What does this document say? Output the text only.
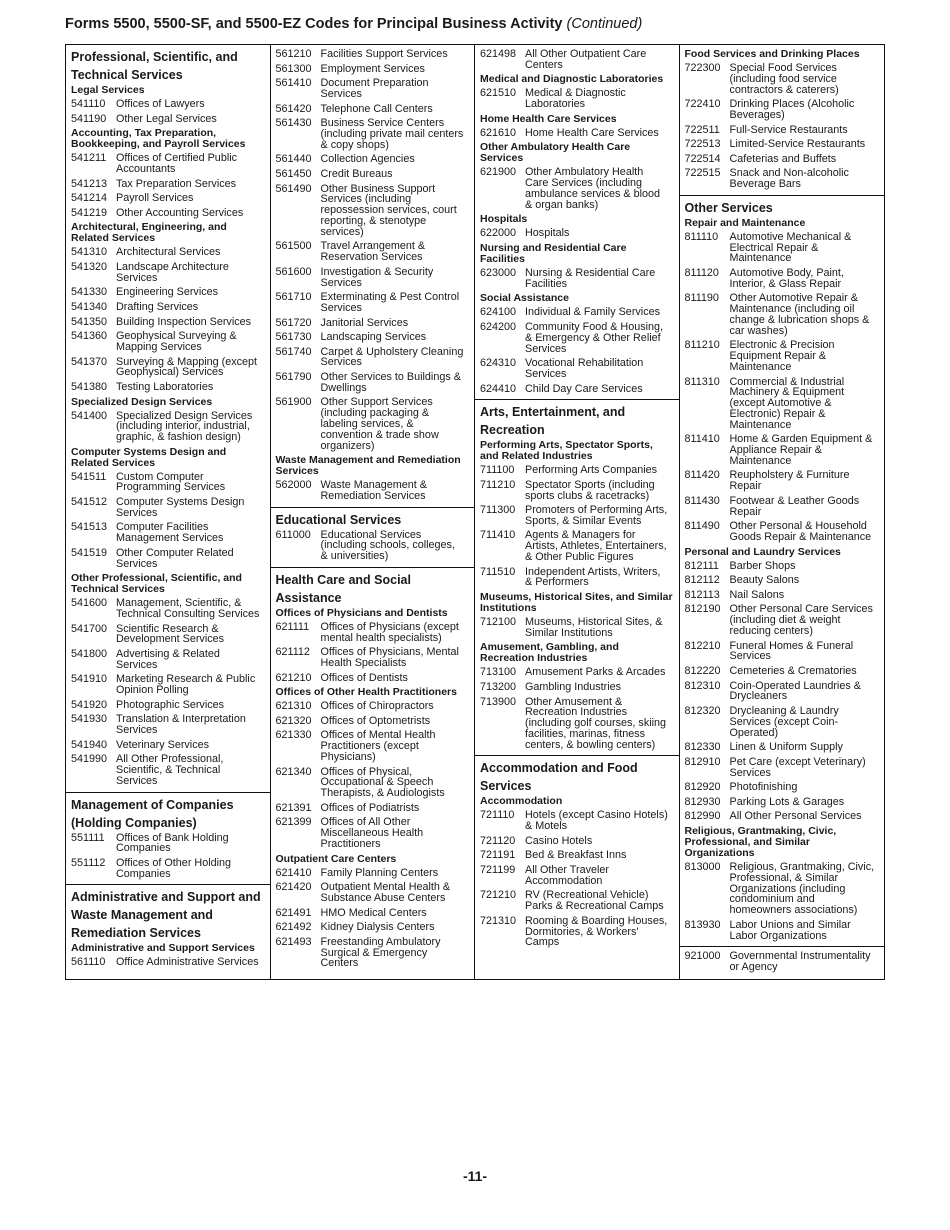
Forms 5500, 5500-SF, and 5500-EZ Codes for Principal Business Activity (Continued)
Professional, Scientific, and Technical Services
Legal Services
541110 Offices of Lawyers
541190 Other Legal Services
Accounting, Tax Preparation, Bookkeeping, and Payroll Services
541211 Offices of Certified Public Accountants
541213 Tax Preparation Services
541214 Payroll Services
541219 Other Accounting Services
Architectural, Engineering, and Related Services
541310 Architectural Services
541320 Landscape Architecture Services
541330 Engineering Services
541340 Drafting Services
541350 Building Inspection Services
541360 Geophysical Surveying & Mapping Services
541370 Surveying & Mapping (except Geophysical) Services
541380 Testing Laboratories
Specialized Design Services
541400 Specialized Design Services (including interior, industrial, graphic, & fashion design)
Computer Systems Design and Related Services
541511 Custom Computer Programming Services
541512 Computer Systems Design Services
541513 Computer Facilities Management Services
541519 Other Computer Related Services
Other Professional, Scientific, and Technical Services
541600 Management, Scientific, & Technical Consulting Services
541700 Scientific Research & Development Services
541800 Advertising & Related Services
541910 Marketing Research & Public Opinion Polling
541920 Photographic Services
541930 Translation & Interpretation Services
541940 Veterinary Services
541990 All Other Professional, Scientific, & Technical Services
Management of Companies (Holding Companies)
551111	Offices of Bank Holding Companies
551112 Offices of Other Holding Companies
Administrative and Support and Waste Management and Remediation Services
Administrative and Support Services
561110 Office Administrative Services
561210 Facilities Support Services
561300 Employment Services
561410 Document Preparation Services
561420 Telephone Call Centers
561430 Business Service Centers (including private mail centers & copy shops)
561440 Collection Agencies
561450 Credit Bureaus
561490 Other Business Support Services (including repossession services, court reporting, & stenotype services)
561500 Travel Arrangement & Reservation Services
561600 Investigation & Security Services
561710 Exterminating & Pest Control Services
561720 Janitorial Services
561730 Landscaping Services
561740 Carpet & Upholstery Cleaning Services
561790 Other Services to Buildings & Dwellings
561900 Other Support Services (including packaging & labeling services, & convention & trade show organizers)
Waste Management and Remediation Services
562000 Waste Management & Remediation Services
Educational Services
611000 Educational Services (including schools, colleges, & universities)
Health Care and Social Assistance
Offices of Physicians and Dentists
621111	Offices of Physicians (except mental health specialists)
621112 Offices of Physicians, Mental Health Specialists
621210 Offices of Dentists
Offices of Other Health Practitioners
621310 Offices of Chiropractors
621320 Offices of Optometrists
621330 Offices of Mental Health Practitioners (except Physicians)
621340 Offices of Physical, Occupational & Speech Therapists, & Audiologists
621391 Offices of Podiatrists
621399 Offices of All Other Miscellaneous Health Practitioners
Outpatient Care Centers
621410 Family Planning Centers
621420 Outpatient Mental Health & Substance Abuse Centers
621491 HMO Medical Centers
621492 Kidney Dialysis Centers
621493 Freestanding Ambulatory Surgical & Emergency Centers
621498 All Other Outpatient Care Centers
Medical and Diagnostic Laboratories
621510 Medical & Diagnostic Laboratories
Home Health Care Services
621610 Home Health Care Services
Other Ambulatory Health Care Services
621900 Other Ambulatory Health Care Services (including ambulance services & blood & organ banks)
Hospitals
622000 Hospitals
Nursing and Residential Care Facilities
623000 Nursing & Residential Care Facilities
Social Assistance
624100 Individual & Family Services
624200 Community Food & Housing, & Emergency & Other Relief Services
624310 Vocational Rehabilitation Services
624410 Child Day Care Services
Arts, Entertainment, and Recreation
Performing Arts, Spectator Sports, and Related Industries
711100 Performing Arts Companies
711210 Spectator Sports (including sports clubs & racetracks)
711300 Promoters of Performing Arts, Sports, & Similar Events
711410 Agents & Managers for Artists, Athletes, Entertainers, & Other Public Figures
711510 Independent Artists, Writers, & Performers
Museums, Historical Sites, and Similar Institutions
712100 Museums, Historical Sites, & Similar Institutions
Amusement, Gambling, and Recreation Industries
713100 Amusement Parks & Arcades
713200 Gambling Industries
713900 Other Amusement & Recreation Industries (including golf courses, skiing facilities, marinas, fitness centers, & bowling centers)
Accommodation and Food Services
Accommodation
721110 Hotels (except Casino Hotels) & Motels
721120 Casino Hotels
721191 Bed & Breakfast Inns
721199 All Other Traveler Accommodation
721210 RV (Recreational Vehicle) Parks & Recreational Camps
721310 Rooming & Boarding Houses, Dormitories, & Workers' Camps
Food Services and Drinking Places
722300 Special Food Services (including food service contractors & caterers)
722410 Drinking Places (Alcoholic Beverages)
722511 Full-Service Restaurants
722513 Limited-Service Restaurants
722514 Cafeterias and Buffets
722515 Snack and Non-alcoholic Beverage Bars
Other Services
Repair and Maintenance
811110	Automotive Mechanical & Electrical Repair & Maintenance
811120 Automotive Body, Paint, Interior, & Glass Repair
811190 Other Automotive Repair & Maintenance (including oil change & lubrication shops & car washes)
811210 Electronic & Precision Equipment Repair & Maintenance
811310 Commercial & Industrial Machinery & Equipment (except Automotive & Electronic) Repair & Maintenance
811410 Home & Garden Equipment & Appliance Repair & Maintenance
811420 Reupholstery & Furniture Repair
811430 Footwear & Leather Goods Repair
811490 Other Personal & Household Goods Repair & Maintenance
Personal and Laundry Services
812111 Barber Shops
812112 Beauty Salons
812113 Nail Salons
812190 Other Personal Care Services (including diet & weight reducing centers)
812210 Funeral Homes & Funeral Services
812220 Cemeteries & Crematories
812310 Coin-Operated Laundries & Drycleaners
812320 Drycleaning & Laundry Services (except Coin-Operated)
812330 Linen & Uniform Supply
812910 Pet Care (except Veterinary) Services
812920 Photofinishing
812930 Parking Lots & Garages
812990 All Other Personal Services
Religious, Grantmaking, Civic, Professional, and Similar Organizations
813000 Religious, Grantmaking, Civic, Professional, & Similar Organizations (including condominium and homeowners associations)
813930 Labor Unions and Similar Labor Organizations
921000 Governmental Instrumentality or Agency
-11-
